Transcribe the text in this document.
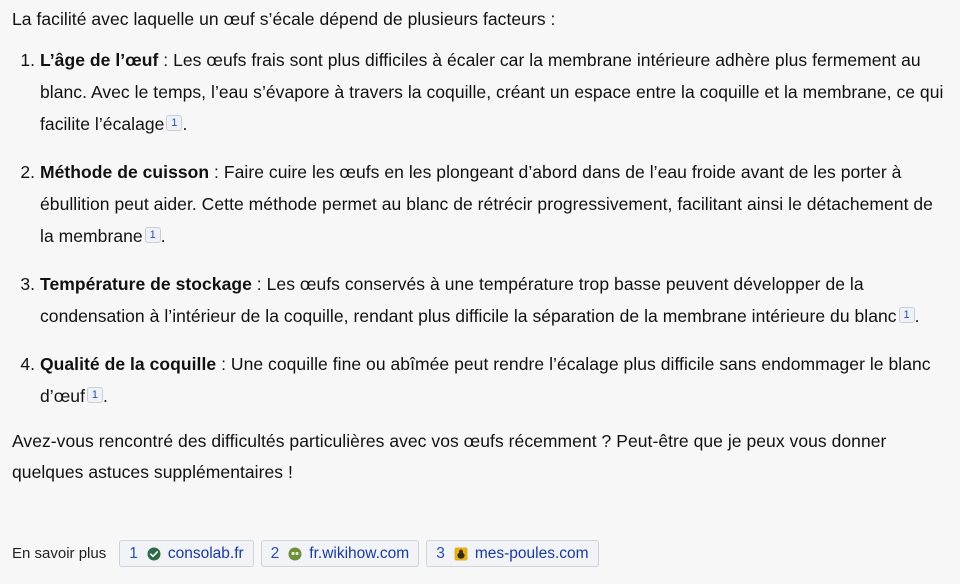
La facilité avec laquelle un œuf s’écale dépend de plusieurs facteurs :

1. L’âge de l’œuf : Les œufs frais sont plus difficiles à écaler car la membrane intérieure adhère plus fermement au blanc. Avec le temps, l’eau s’évapore à travers la coquille, créant un espace entre la coquille et la membrane, ce qui facilite l’écalage 1 .
2. Méthode de cuisson : Faire cuire les œufs en les plongeant d’abord dans de l’eau froide avant de les porter à ébullition peut aider. Cette méthode permet au blanc de rétrécir progressivement, facilitant ainsi le détachement de la membrane 1 .
3. Température de stockage : Les œufs conservés à une température trop basse peuvent développer de la condensation à l’intérieur de la coquille, rendant plus difficile la séparation de la membrane intérieure du blanc 1 .
4. Qualité de la coquille : Une coquille fine ou abîmée peut rendre l’écalage plus difficile sans endommager le blanc d’œuf 1 .

Avez-vous rencontré des difficultés particulières avec vos œufs récemment ? Peut-être que je peux vous donner quelques astuces supplémentaires !

En savoir plus 1 consolab.fr 2 fr.wikihow.com 3 mes-poules.com
